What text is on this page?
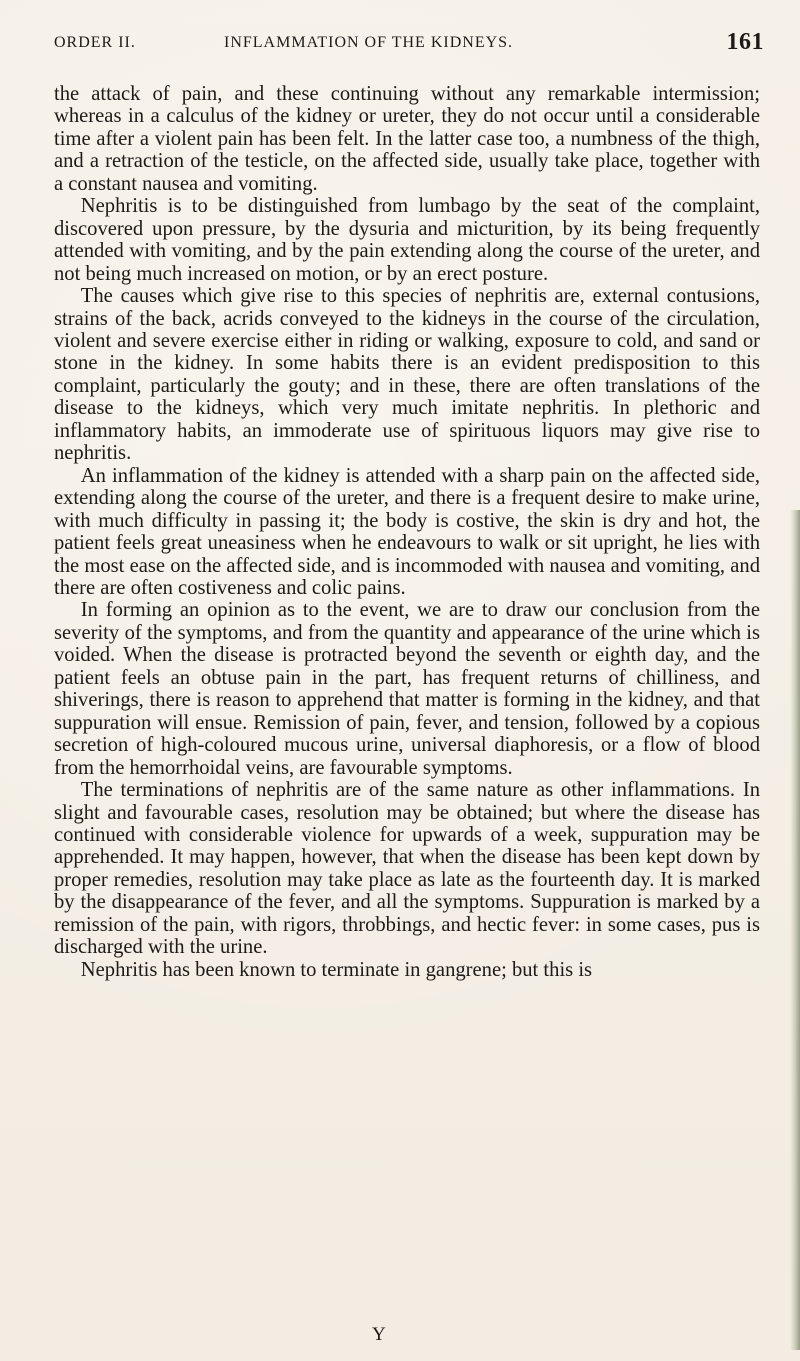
ORDER II.	INFLAMMATION OF THE KIDNEYS.	161

the attack of pain, and these continuing without any remarkable intermission; whereas in a calculus of the kidney or ureter, they do not occur until a considerable time after a violent pain has been felt. In the latter case too, a numbness of the thigh, and a retraction of the testicle, on the affected side, usually take place, together with a constant nausea and vomiting.

Nephritis is to be distinguished from lumbago by the seat of the complaint, discovered upon pressure, by the dysuria and micturition, by its being frequently attended with vomiting, and by the pain extending along the course of the ureter, and not being much increased on motion, or by an erect posture.

The causes which give rise to this species of nephritis are, external contusions, strains of the back, acrids conveyed to the kidneys in the course of the circulation, violent and severe exercise either in riding or walking, exposure to cold, and sand or stone in the kidney. In some habits there is an evident predisposition to this complaint, particularly the gouty; and in these, there are often translations of the disease to the kidneys, which very much imitate nephritis. In plethoric and inflammatory habits, an immoderate use of spirituous liquors may give rise to nephritis.

An inflammation of the kidney is attended with a sharp pain on the affected side, extending along the course of the ureter, and there is a frequent desire to make urine, with much difficulty in passing it; the body is costive, the skin is dry and hot, the patient feels great uneasiness when he endeavours to walk or sit upright, he lies with the most ease on the affected side, and is incommoded with nausea and vomiting, and there are often costiveness and colic pains.

In forming an opinion as to the event, we are to draw our conclusion from the severity of the symptoms, and from the quantity and appearance of the urine which is voided. When the disease is protracted beyond the seventh or eighth day, and the patient feels an obtuse pain in the part, has frequent returns of chilliness, and shiverings, there is reason to apprehend that matter is forming in the kidney, and that suppuration will ensue. Remission of pain, fever, and tension, followed by a copious secretion of high-coloured mucous urine, universal diaphoresis, or a flow of blood from the hemorrhoidal veins, are favourable symptoms.

The terminations of nephritis are of the same nature as other inflammations. In slight and favourable cases, resolution may be obtained; but where the disease has continued with considerable violence for upwards of a week, suppuration may be apprehended. It may happen, however, that when the disease has been kept down by proper remedies, resolution may take place as late as the fourteenth day. It is marked by the disappearance of the fever, and all the symptoms. Suppuration is marked by a remission of the pain, with rigors, throbbings, and hectic fever: in some cases, pus is discharged with the urine.

Nephritis has been known to terminate in gangrene; but this is

Y
